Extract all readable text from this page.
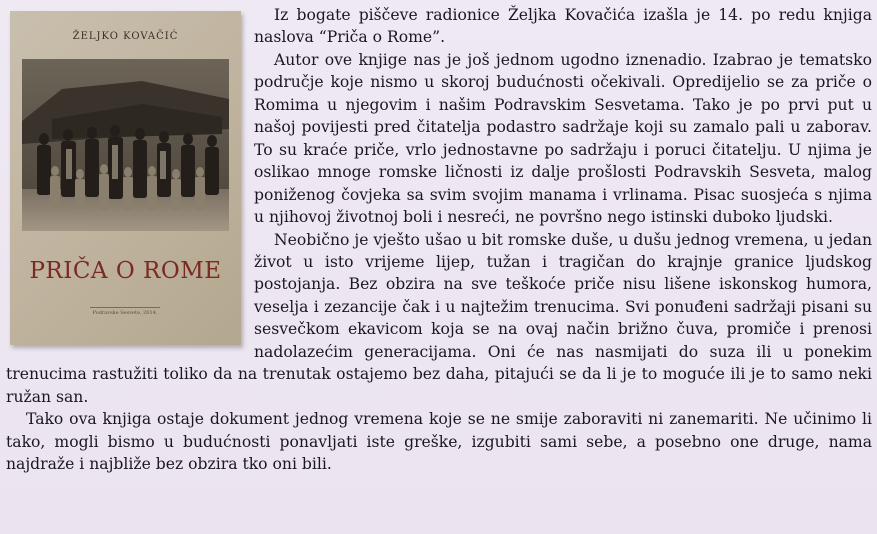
Iz bogate piščeve radionice Željka Kovačića izašla je 14. po redu knjiga naslova “Priča o Rome”.

Autor ove knjige nas je još jednom ugodno iznenadio. Izabrao je tematsko područje koje nismo u skorој budućnosti očekivali. Opredijelio se za priče o Romima u njegovim i našim Podravskim Sesvetama. Tako je po prvi put u našoj povijesti pred čitatelja podastro sadržaje koji su zamalo pali u zaborav. To su kraće priče, vrlo jednostavne po sadržaju i poruci čitatelju. U njima je oslikao mnoge romske ličnosti iz dalje prošlosti Podravskih Sesveta, malog poniženog čovjeka sa svim svojim manama i vrlinama. Pisac suosjeća s njima u njihovoj životnoj boli i nesreći, ne površno nego istinski duboko ljudski.

Neobično je vješto ušao u bit romske duše, u dušu jednog vremena, u jedan život u isto vrijeme lijep, tužan i tragičan do krajnje granice ljudskog postojanja. Bez obzira na sve teškoće priče nisu lišene iskonskog humora, veselja i zezancije čak i u najtežim trenucima. Svi ponuđeni sadržaji pisani su sesvečkom ekavicom koja se na ovaj način brižno čuva, promiče i prenosi nadolazećim generacijama. Oni će nas nasmijati do suza ili u ponekim trenucima rastužiti toliko da na trenutak ostajemo bez daha, pitajući se da li je to moguće ili je to samo neki ružan san.

Tako ova knjiga ostaje dokument jednog vremena koje se ne smije zaboraviti ni zanemariti. Ne učinimo li tako, mogli bismo u budućnosti ponavljati iste greške, izgubiti sami sebe, a posebno one druge, nama najdraže i najbliže bez obzira tko oni bili.

ŽELJKO KOVAČIĆ
PRIČA O ROME
Podravske Sesvete, 2014.
